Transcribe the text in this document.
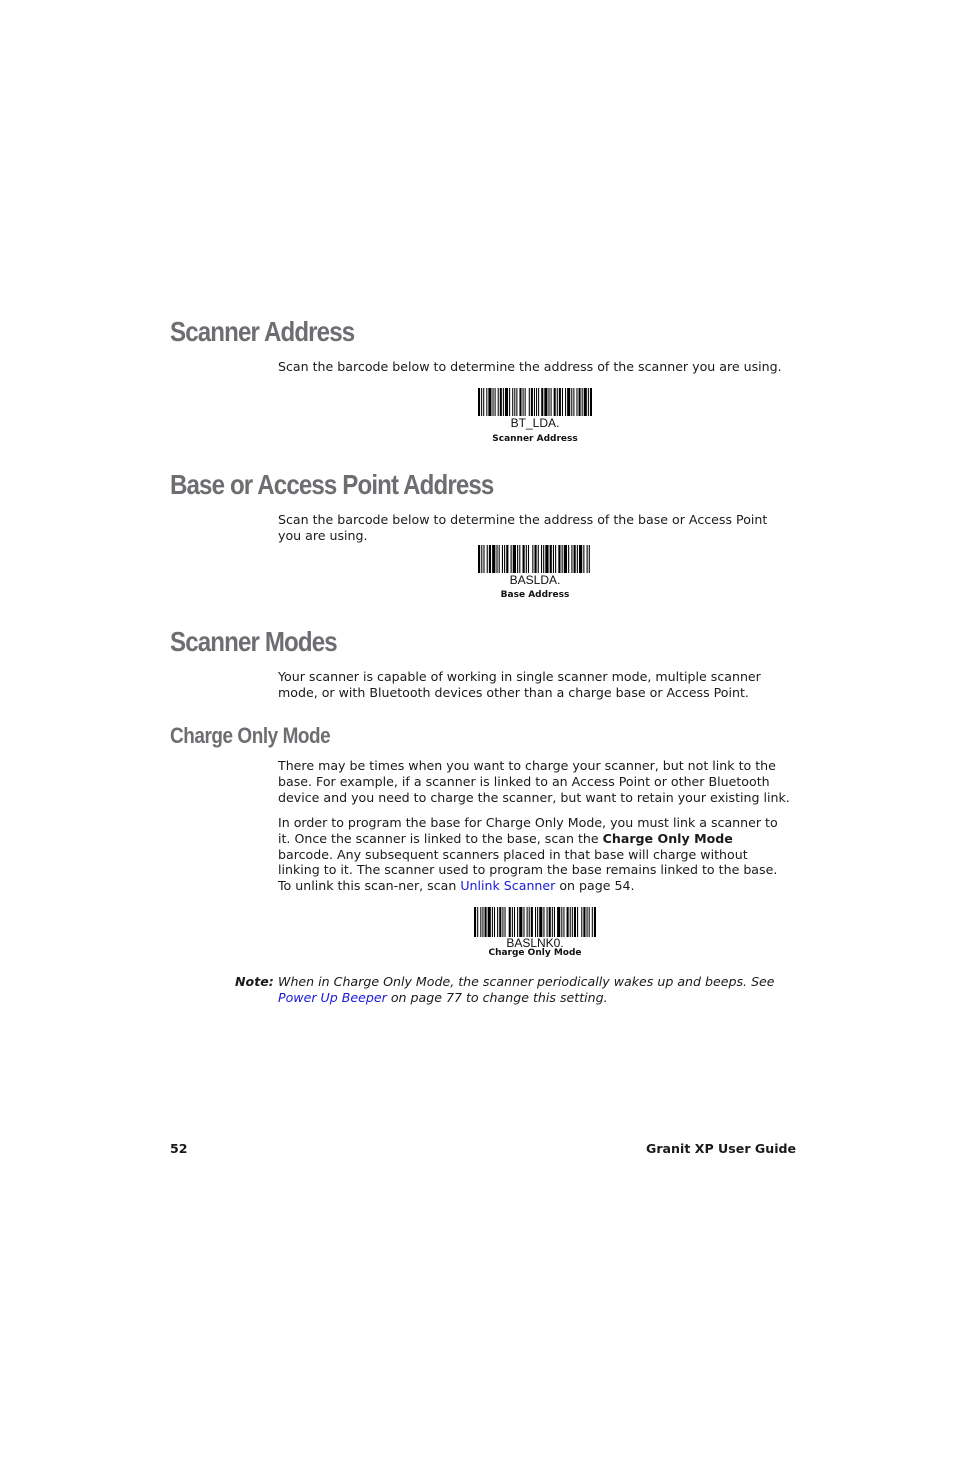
Scanner Address

Scan the barcode below to determine the address of the scanner you are using.

BT_LDA.
Scanner Address
Base or Access Point Address

Scan the barcode below to determine the address of the base or Access Point you are using.

BASLDA.
Base Address
Scanner Modes

Your scanner is capable of working in single scanner mode, multiple scanner mode, or with Bluetooth devices other than a charge base or Access Point.

Charge Only Mode

There may be times when you want to charge your scanner, but not link to the base. For example, if a scanner is linked to an Access Point or other Bluetooth device and you need to charge the scanner, but want to retain your existing link.

In order to program the base for Charge Only Mode, you must link a scanner to it. Once the scanner is linked to the base, scan the Charge Only Mode barcode. Any subsequent scanners placed in that base will charge without linking to it. The scanner used to program the base remains linked to the base. To unlink this scan-ner, scan Unlink Scanner on page 54.

BASLNK0.
Charge Only Mode

Note: When in Charge Only Mode, the scanner periodically wakes up and beeps. See Power Up Beeper on page 77 to change this setting.

52	Granit XP User Guide
